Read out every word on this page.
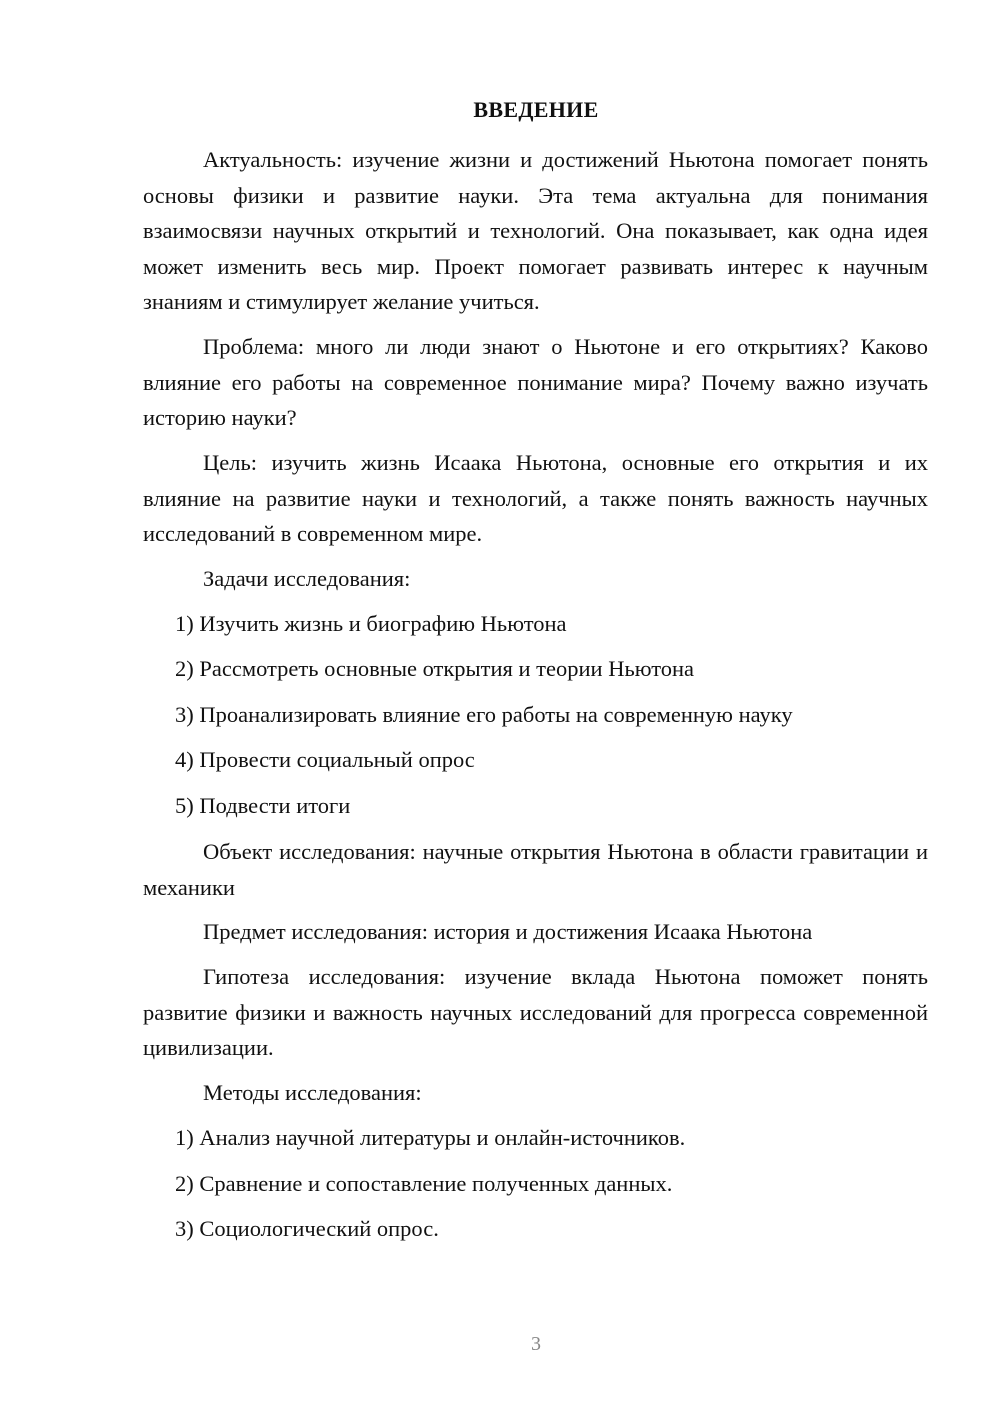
ВВЕДЕНИЕ

Актуальность: изучение жизни и достижений Ньютона помогает понять основы физики и развитие науки. Эта тема актуальна для понимания взаимосвязи научных открытий и технологий. Она показывает, как одна идея может изменить весь мир. Проект помогает развивать интерес к научным знаниям и стимулирует желание учиться.

Проблема: много ли люди знают о Ньютоне и его открытиях? Каково влияние его работы на современное понимание мира? Почему важно изучать историю науки?

Цель: изучить жизнь Исаака Ньютона, основные его открытия и их влияние на развитие науки и технологий, а также понять важность научных исследований в современном мире.

Задачи исследования:

1) Изучить жизнь и биографию Ньютона

2) Рассмотреть основные открытия и теории Ньютона

3) Проанализировать влияние его работы на современную науку

4) Провести социальный опрос

5) Подвести итоги

Объект исследования: научные открытия Ньютона в области гравитации и механики

Предмет исследования: история и достижения Исаака Ньютона

Гипотеза исследования: изучение вклада Ньютона поможет понять развитие физики и важность научных исследований для прогресса современной цивилизации.

Методы исследования:

1) Анализ научной литературы и онлайн-источников.

2) Сравнение и сопоставление полученных данных.

3) Социологический опрос.

3
